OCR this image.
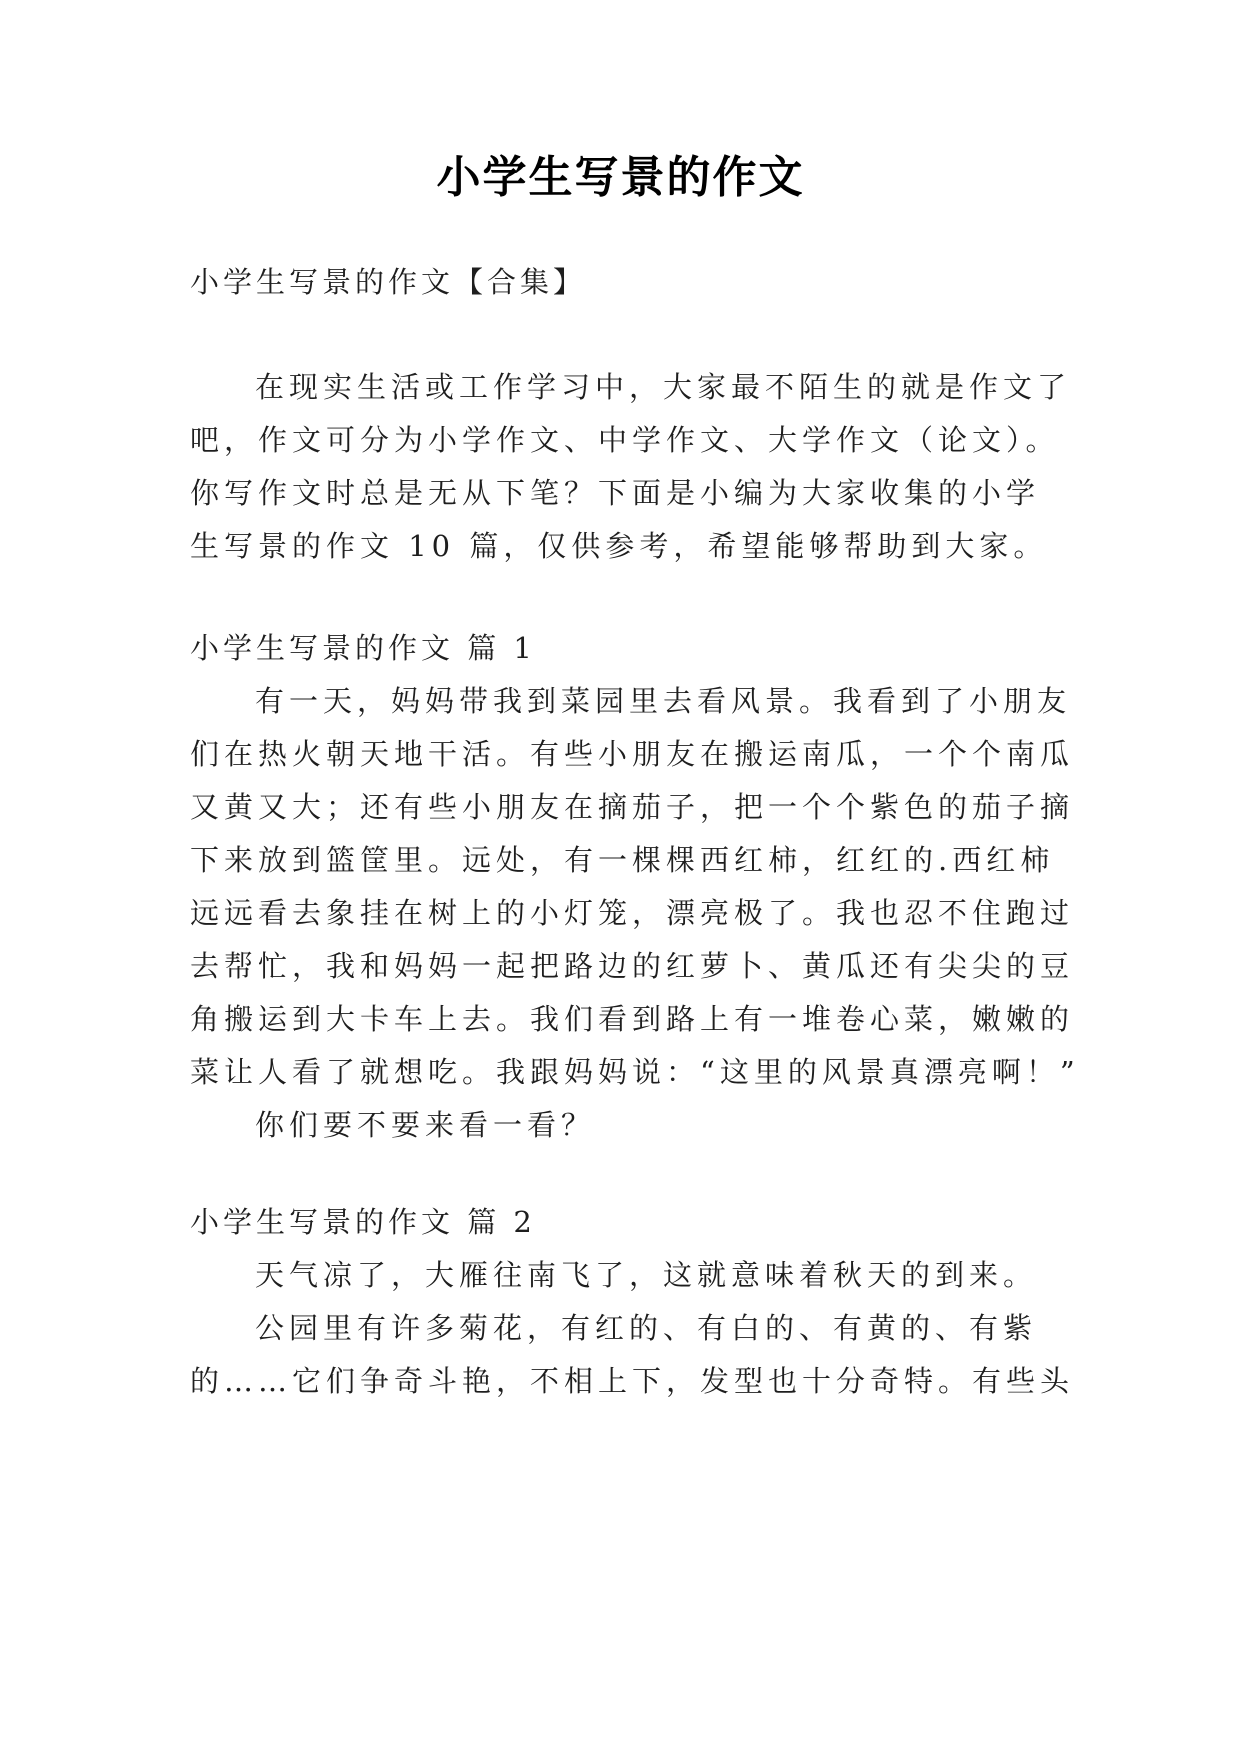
小学生写景的作文
小学生写景的作文【合集】
在现实生活或工作学习中，大家最不陌生的就是作文了
吧，作文可分为小学作文、中学作文、大学作文（论文）。
你写作文时总是无从下笔？下面是小编为大家收集的小学
生写景的作文 10 篇，仅供参考，希望能够帮助到大家。
小学生写景的作文 篇 1
有一天，妈妈带我到菜园里去看风景。我看到了小朋友
们在热火朝天地干活。有些小朋友在搬运南瓜，一个个南瓜
又黄又大；还有些小朋友在摘茄子，把一个个紫色的茄子摘
下来放到篮筐里。远处，有一棵棵西红柿，红红的.西红柿
远远看去象挂在树上的小灯笼，漂亮极了。我也忍不住跑过
去帮忙，我和妈妈一起把路边的红萝卜、黄瓜还有尖尖的豆
角搬运到大卡车上去。我们看到路上有一堆卷心菜，嫩嫩的
菜让人看了就想吃。我跟妈妈说：“这里的风景真漂亮啊！”
你们要不要来看一看？
小学生写景的作文 篇 2
天气凉了，大雁往南飞了，这就意味着秋天的到来。
公园里有许多菊花，有红的、有白的、有黄的、有紫
的……它们争奇斗艳，不相上下，发型也十分奇特。有些头
